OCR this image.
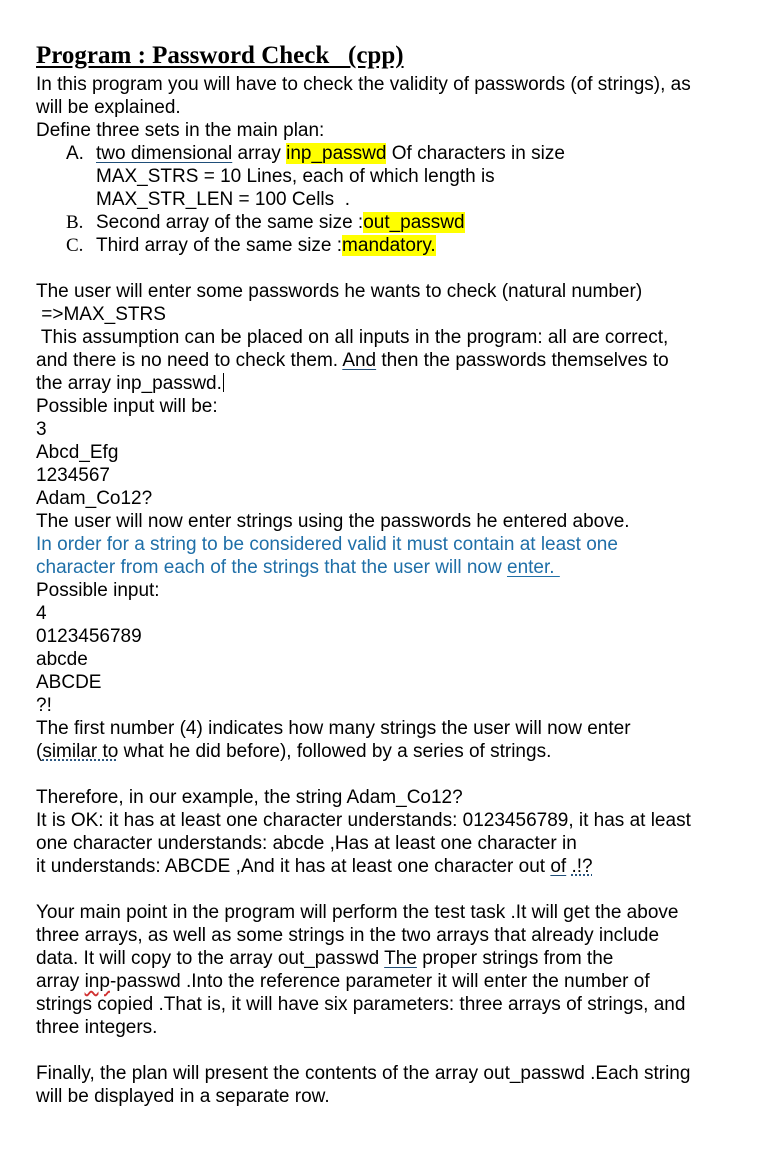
Program : Password Check   (cpp)
In this program you will have to check the validity of passwords (of strings), as
will be explained.
Define three sets in the main plan:
A. two dimensional array inp_passwd Of characters in size
MAX_STRS = 10 Lines, each of which length is
MAX_STR_LEN = 100 Cells  .
B. Second array of the same size :out_passwd
C. Third array of the same size :mandatory.
The user will enter some passwords he wants to check (natural number)
=>MAX_STRS
This assumption can be placed on all inputs in the program: all are correct,
and there is no need to check them. And then the passwords themselves to
the array inp_passwd.
Possible input will be:
3
Abcd_Efg
1234567
Adam_Co12?
The user will now enter strings using the passwords he entered above.
In order for a string to be considered valid it must contain at least one
character from each of the strings that the user will now enter.
Possible input:
4
0123456789
abcde
ABCDE
?!
The first number (4) indicates how many strings the user will now enter
(similar to what he did before), followed by a series of strings.
Therefore, in our example, the string Adam_Co12?
It is OK: it has at least one character understands: 0123456789, it has at least
one character understands: abcde ,Has at least one character in
it understands: ABCDE ,And it has at least one character out of .!?
Your main point in the program will perform the test task .It will get the above
three arrays, as well as some strings in the two arrays that already include
data. It will copy to the array out_passwd The proper strings from the
array inp-passwd .Into the reference parameter it will enter the number of
strings copied .That is, it will have six parameters: three arrays of strings, and
three integers.
Finally, the plan will present the contents of the array out_passwd .Each string
will be displayed in a separate row.
